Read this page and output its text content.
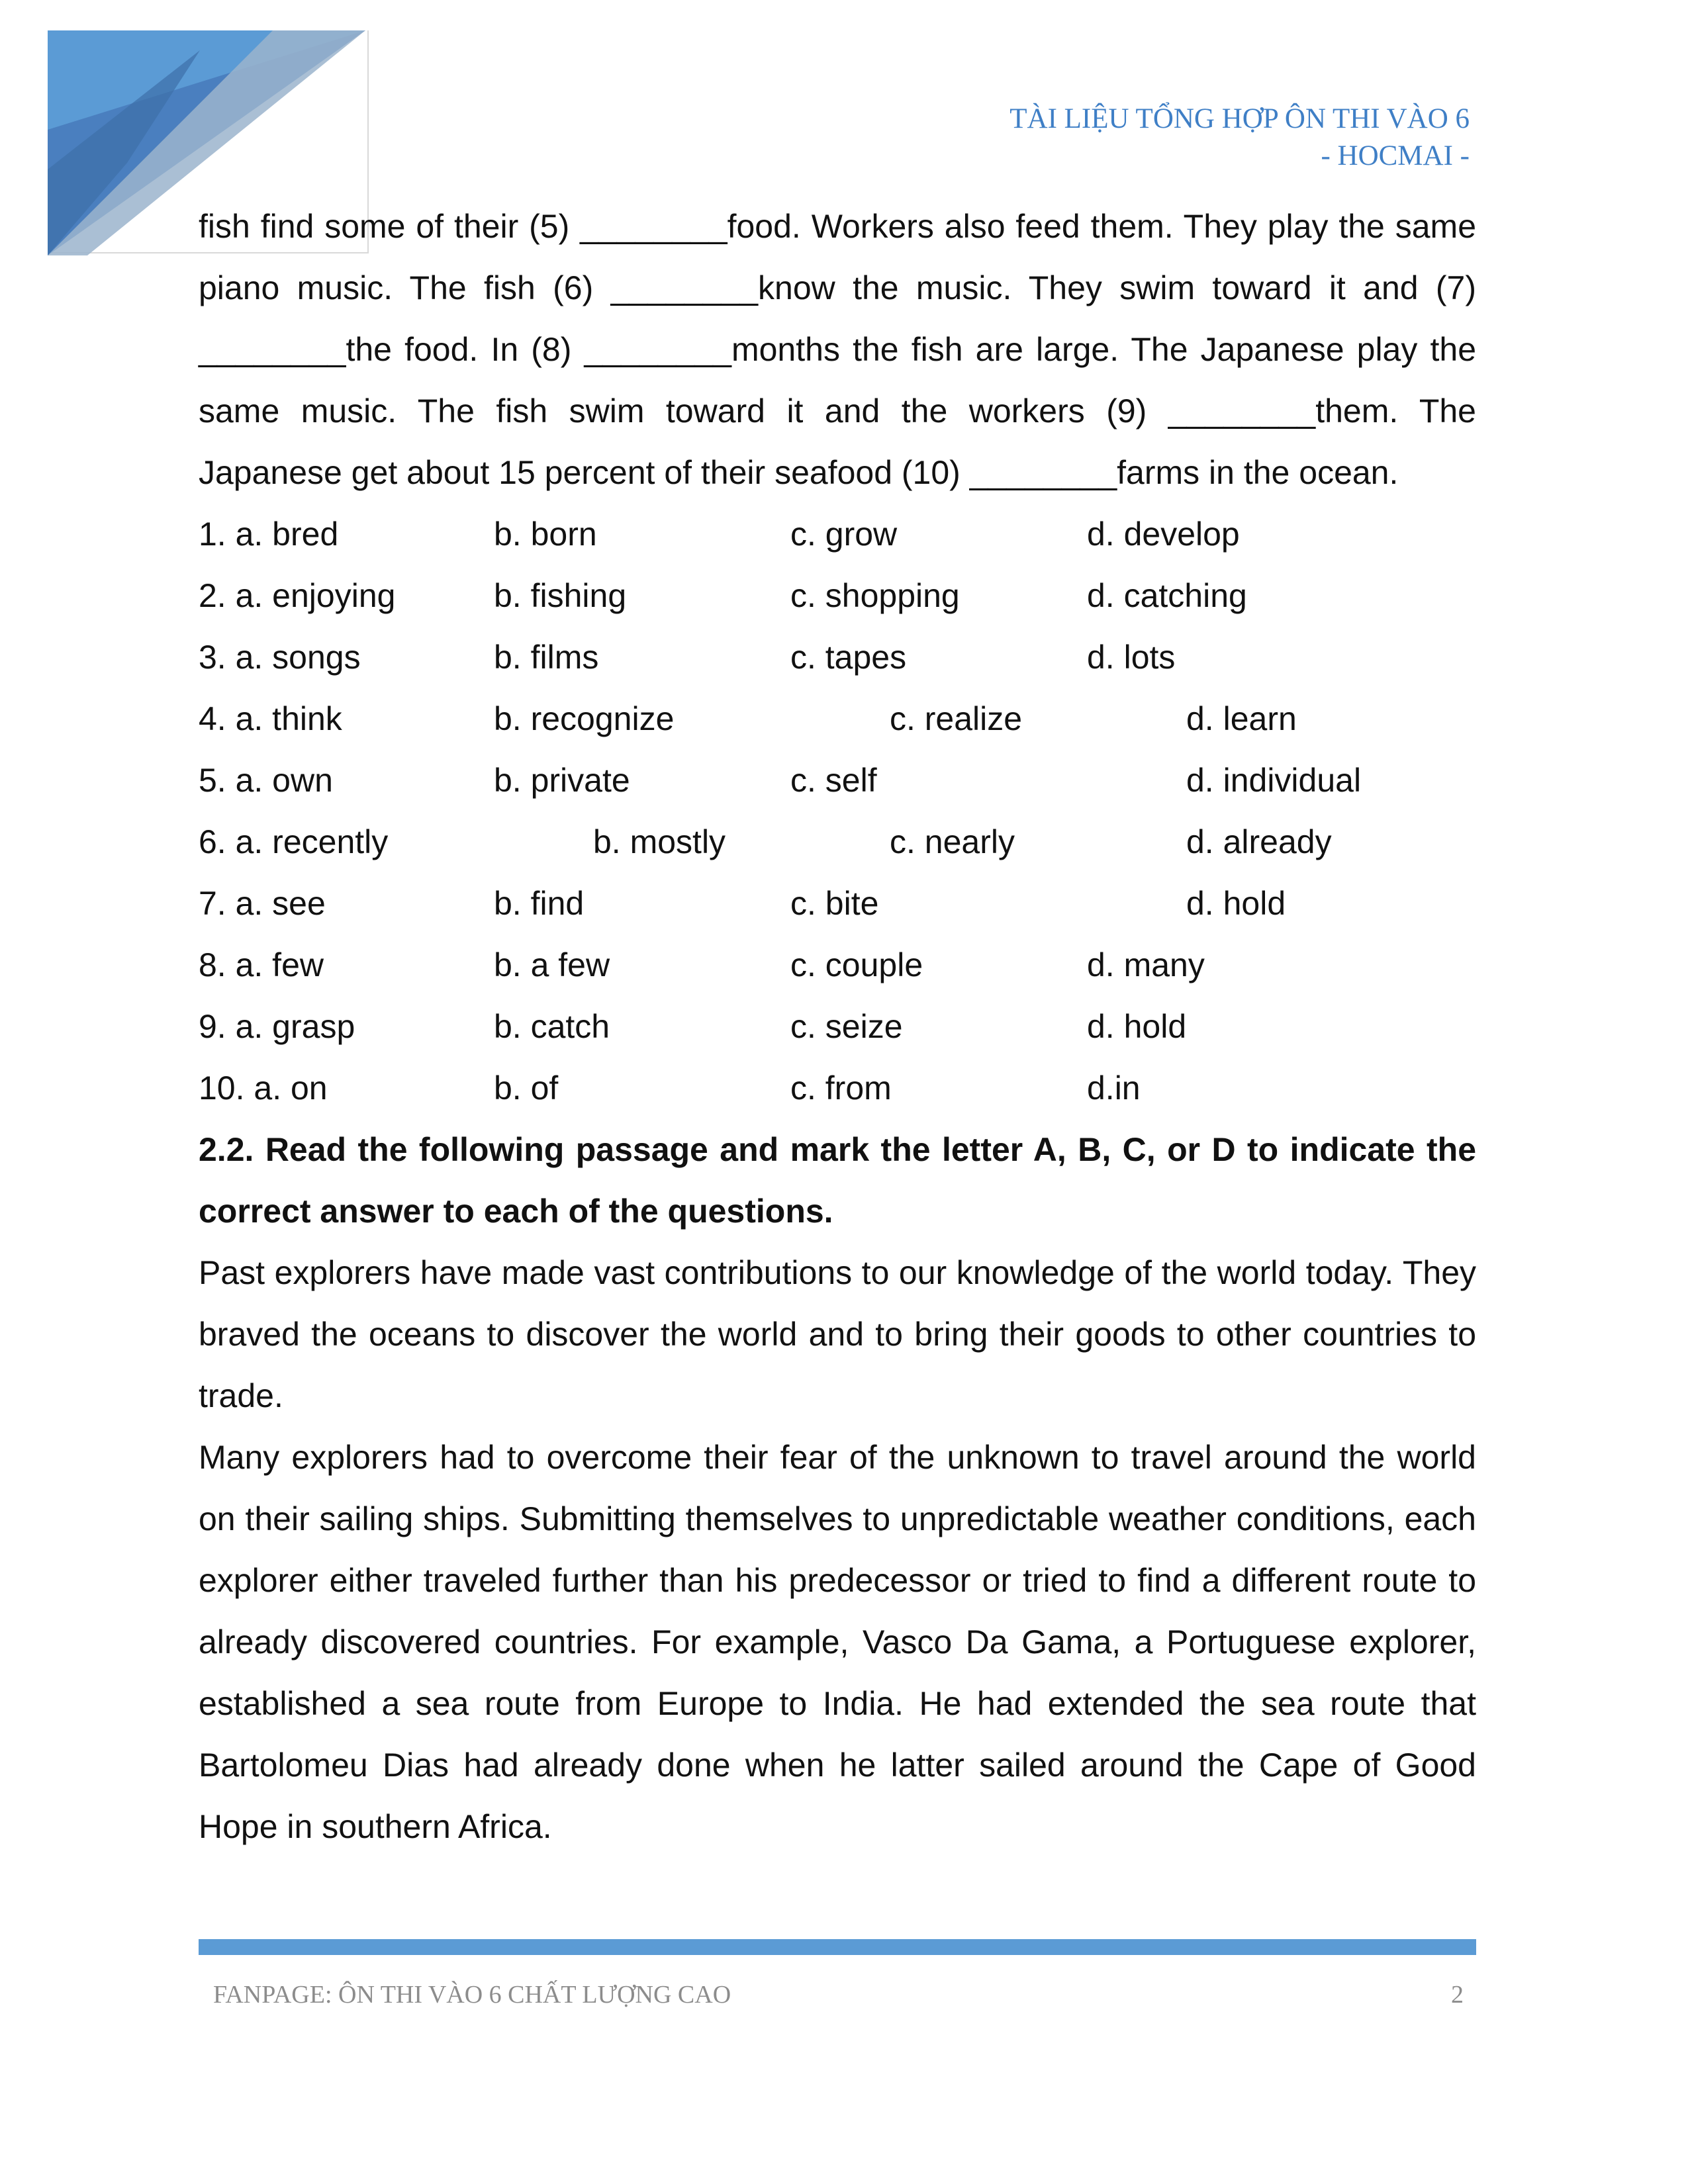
TÀI LIỆU TỔNG HỢP ÔN THI VÀO 6
- HOCMAI -
fish find some of their (5) ________food. Workers also feed them. They play the same piano music. The fish (6) ________know the music. They swim toward it and (7) ________the food. In (8) ________months the fish are large. The Japanese play the same music. The fish swim toward it and the workers (9) ________them. The Japanese get about 15 percent of their seafood (10) ________farms in the ocean.
1. a. bred	b. born	c. grow	d. develop
2. a. enjoying	b. fishing	c. shopping	d. catching
3. a. songs	b. films	c. tapes	d. lots
4. a. think	b. recognize	c. realize	d. learn
5. a. own	b. private	c. self	d. individual
6. a. recently	b. mostly	c. nearly	d. already
7. a. see	b. find	c. bite	d. hold
8. a. few	b. a few	c. couple	d. many
9. a. grasp	b. catch	c. seize	d. hold
10. a. on	b. of	c. from	d.in
2.2. Read the following passage and mark the letter A, B, C, or D to indicate the correct answer to each of the questions.
Past explorers have made vast contributions to our knowledge of the world today. They braved the oceans to discover the world and to bring their goods to other countries to trade.
Many explorers had to overcome their fear of the unknown to travel around the world on their sailing ships. Submitting themselves to unpredictable weather conditions, each explorer either traveled further than his predecessor or tried to find a different route to already discovered countries. For example, Vasco Da Gama, a Portuguese explorer, established a sea route from Europe to India. He had extended the sea route that Bartolomeu Dias had already done when he latter sailed around the Cape of Good Hope in southern Africa.
FANPAGE: ÔN THI VÀO 6 CHẤT LƯỢNG CAO	2
